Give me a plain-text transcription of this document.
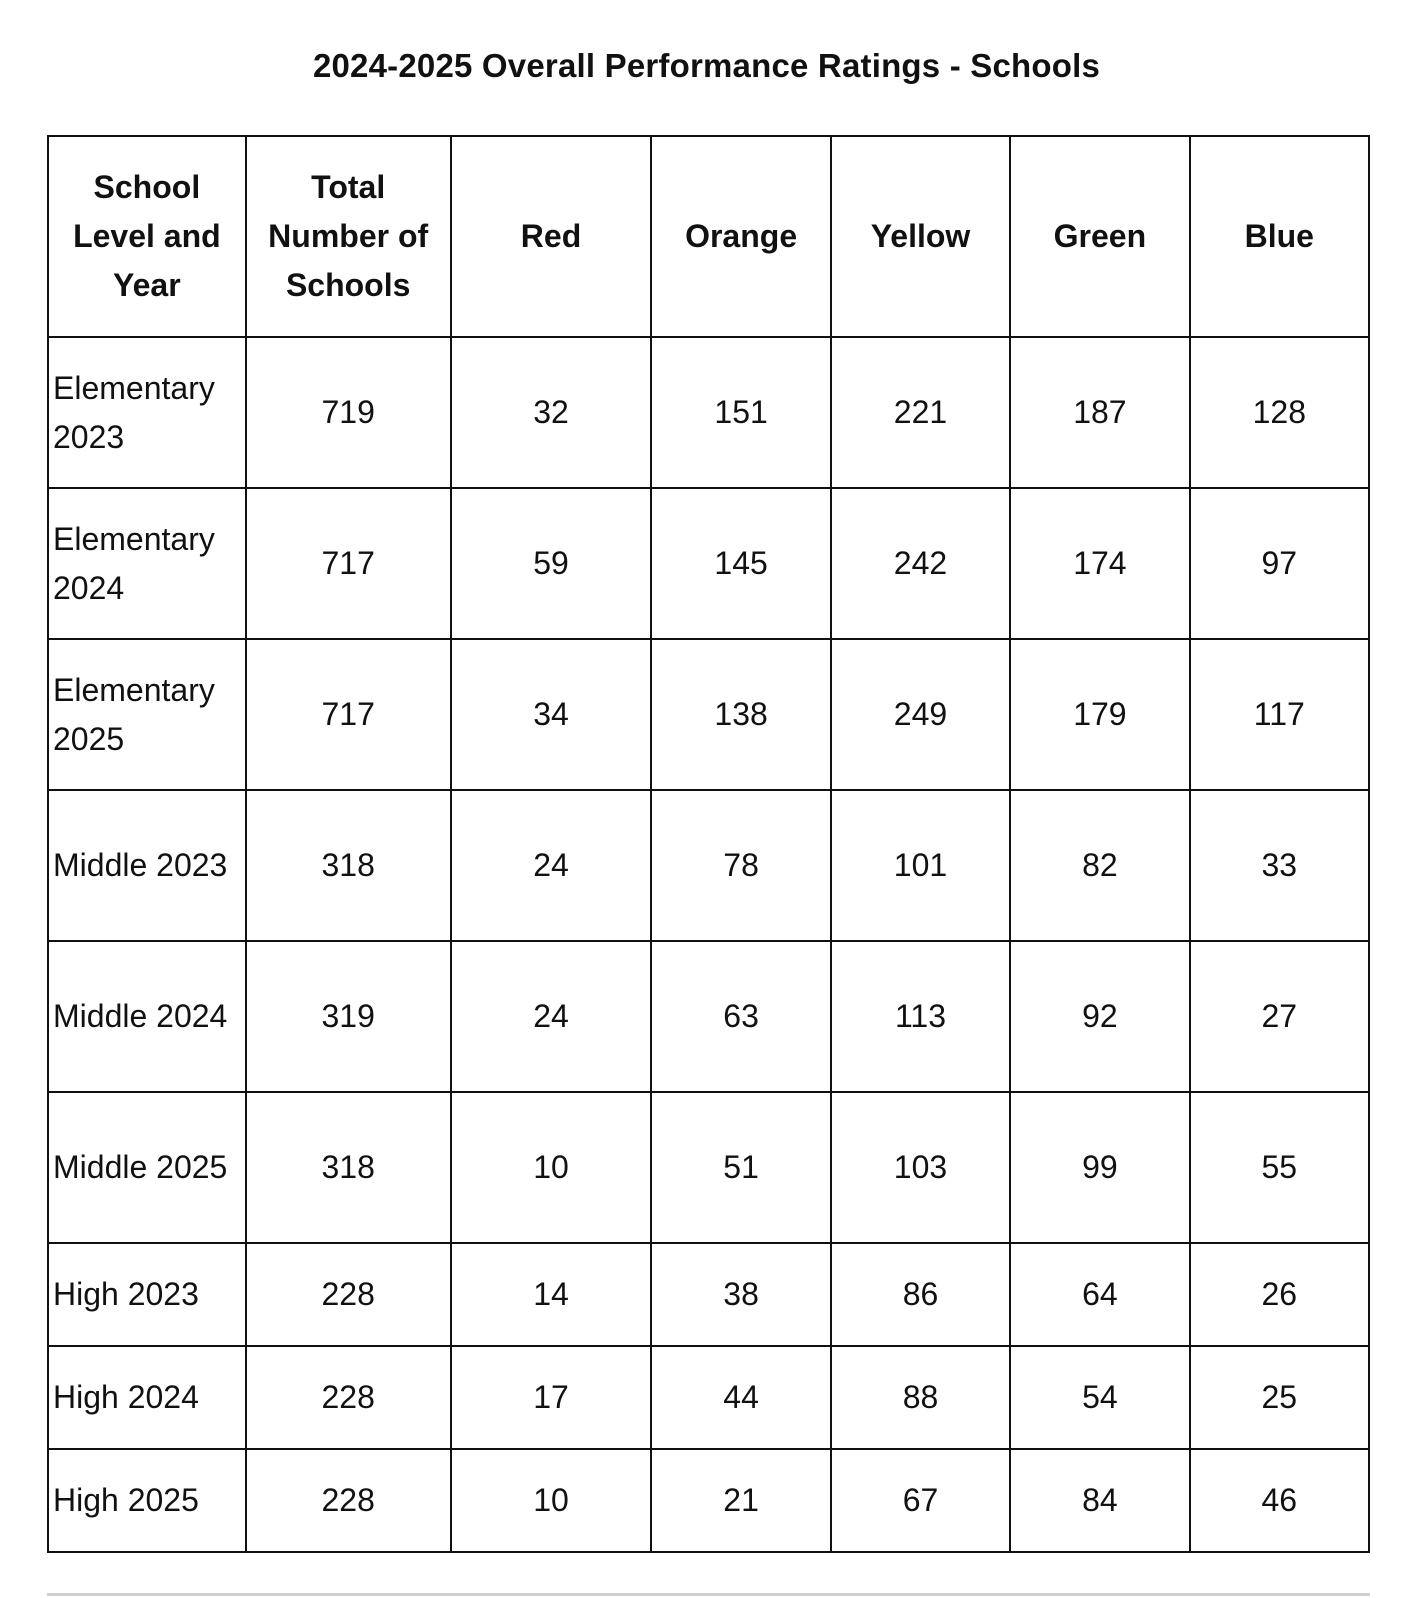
2024-2025 Overall Performance Ratings - Schools
School Level and Year	Total Number of Schools	Red	Orange	Yellow	Green	Blue
Elementary 2023	719	32	151	221	187	128
Elementary 2024	717	59	145	242	174	97
Elementary 2025	717	34	138	249	179	117
Middle 2023	318	24	78	101	82	33
Middle 2024	319	24	63	113	92	27
Middle 2025	318	10	51	103	99	55
High 2023	228	14	38	86	64	26
High 2024	228	17	44	88	54	25
High 2025	228	10	21	67	84	46
